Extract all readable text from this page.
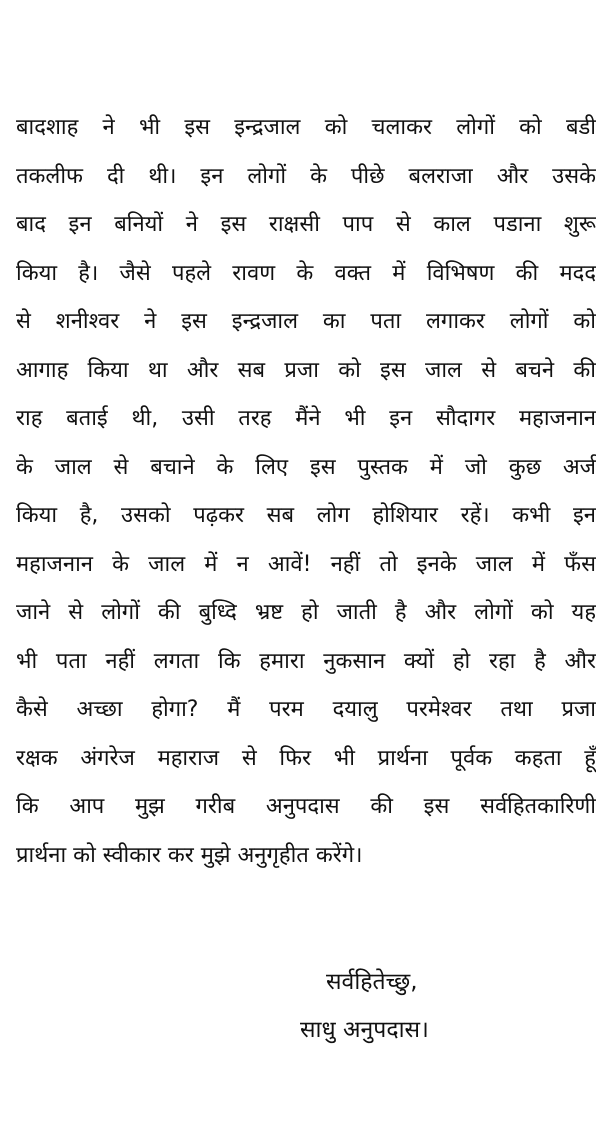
बादशाह ने भी इस इन्द्रजाल को चलाकर लोगों को बडी
तकलीफ दी थी। इन लोगों के पीछे बलराजा और उसके
बाद इन बनियों ने इस राक्षसी पाप से काल पडाना शुरू
किया है। जैसे पहले रावण के वक्त में विभिषण की मदद
से शनीश्वर ने इस इन्द्रजाल का पता लगाकर लोगों को
आगाह किया था और सब प्रजा को इस जाल से बचने की
राह बताई थी, उसी तरह मैंने भी इन सौदागर महाजनान
के जाल से बचाने के लिए इस पुस्तक में जो कुछ अर्ज
किया है, उसको पढ़कर सब लोग होशियार रहें। कभी इन
महाजनान के जाल में न आवें! नहीं तो इनके जाल में फँस
जाने से लोगों की बुध्दि भ्रष्ट हो जाती है और लोगों को यह
भी पता नहीं लगता कि हमारा नुकसान क्यों हो रहा है और
कैसे अच्छा होगा? मैं परम दयालु परमेश्वर तथा प्रजा
रक्षक अंगरेज महाराज से फिर भी प्रार्थना पूर्वक कहता हूँ
कि आप मुझ गरीब अनुपदास की इस सर्वहितकारिणी
प्रार्थना को स्वीकार कर मुझे अनुगृहीत करेंगे।
सर्वहितेच्छु,
साधु अनुपदास।
